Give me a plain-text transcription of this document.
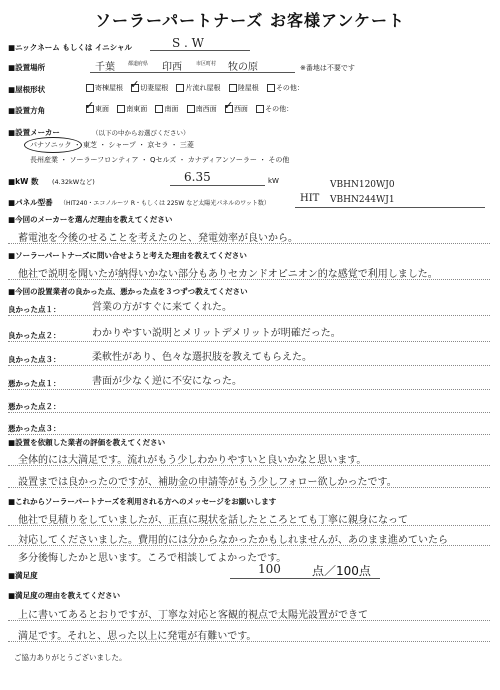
ソーラーパートナーズ お客様アンケート
■ニックネーム もしくは イニシャル	S . W
■設置場所	千葉	都道府県 印西	市区町村 牧の原	※番地は不要です
■屋根形状	寄棟屋根 ✓ 切妻屋根 片流れ屋根 陸屋根 その他：
■設置方角 ✓	東面 南東面 南面 南西面 ✓ 西面 その他：
■設置メーカー	（以下の中からお選びください）
パナソニック ・ 東芝 ・ シャープ ・ 京セラ ・ 三菱
長州産業 ・ ソーラーフロンティア ・ Qセルズ ・ カナディアンソーラー ・ その他
■kW 数 (4.32kWなど)	6.35	kW
■パネル型番 （HIT240・エコノルーツ R・もしくは 225W など太陽光パネルのワット数）	HIT
VBHN120WJ0
VBHN244WJ1
■今回のメーカーを選んだ理由を教えてください
蓄電池を今後のせることを考えたのと、発電効率が良いから。
■ソーラーパートナーズに問い合せようと考えた理由を教えてください
他社で説明を聞いたが納得いかない部分もありセカンドオピニオン的な感覚で利用しました。
■今回の設置業者の良かった点、悪かった点を３つずつ教えてください
良かった点１：	営業の方がすぐに来てくれた。
良かった点２：	わかりやすい説明とメリットデメリットが明確だった。
良かった点３：	柔軟性があり、色々な選択肢を教えてもらえた。
悪かった点１：	書面が少なく逆に不安になった。
悪かった点２：
悪かった点３：
■設置を依頼した業者の評価を教えてください
全体的には大満足です。流れがもう少しわかりやすいと良いかなと思います。
設置までは良かったのですが、補助金の申請等がもう少しフォロー欲しかったです。
■これからソーラーパートナーズを利用される方へのメッセージをお願いします
他社で見積りをしていましたが、正直に現状を話したところとても丁寧に親身になって
対応してくださいました。費用的には分からなかったかもしれませんが、あのまま進めていたら
多分後悔したかと思います。ころで相談してよかったです。
■満足度	100	点／100点
■満足度の理由を教えてください
上に書いてあるとおりですが、丁寧な対応と客観的視点で太陽光設置ができて
満足です。それと、思った以上に発電が有難いです。
ご協力ありがとうございました。
